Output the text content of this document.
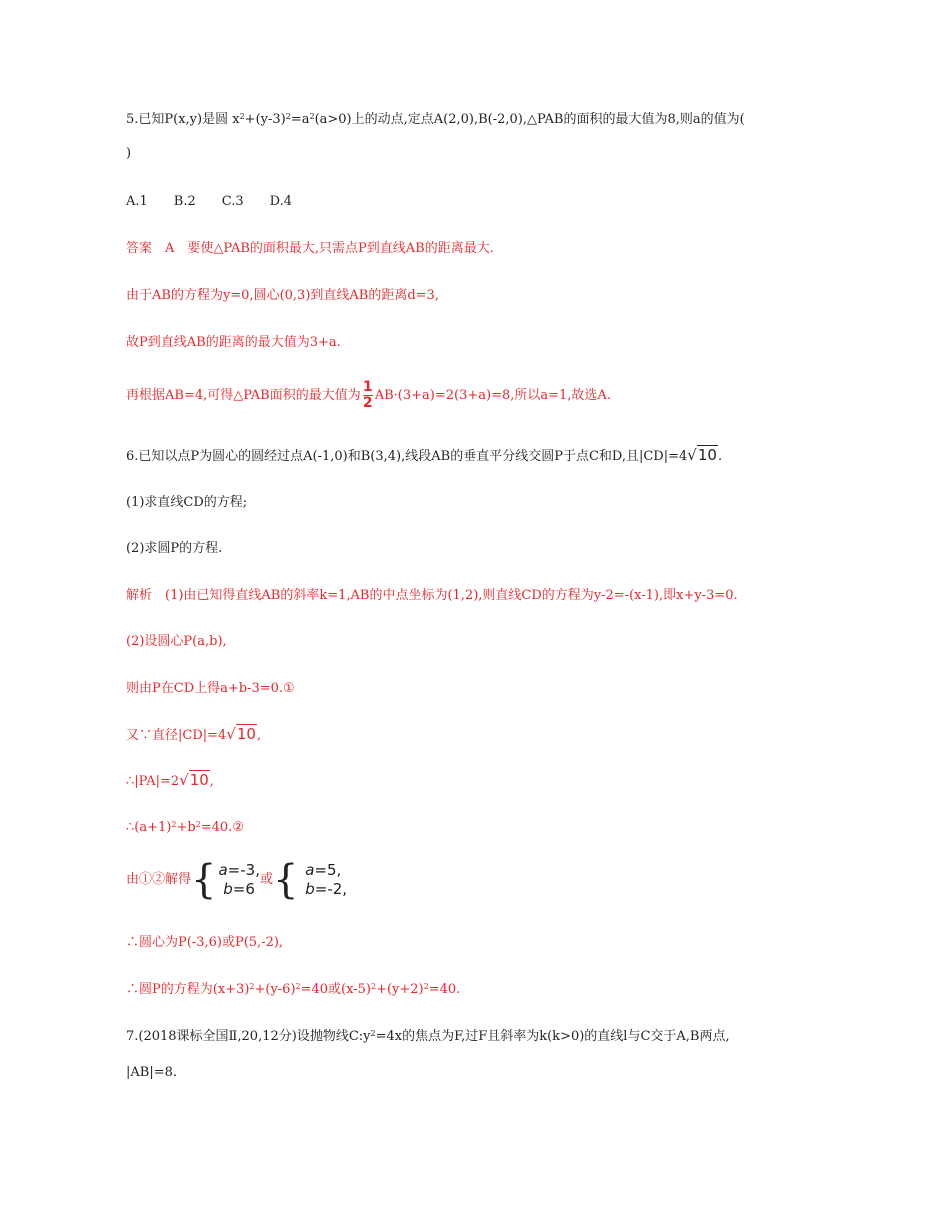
5.已知P(x,y)是圆 $x^2+(y-3)^2=a^2(a>0)$上的动点,定点A(2,0),B(-2,0),△PAB的面积的最大值为8,则a的值为(
)
A.1 B.2 C.3 D.4
答案　A　要使△PAB的面积最大,只需点P到直线AB的距离最大.
由于AB的方程为y=0,圆心(0,3)到直线AB的距离d=3,
故P到直线AB的距离的最大值为3+a.
再根据AB=4,可得△PAB面积的最大值为 $\frac{1}{2} AB\cdot(3+a)=2(3+a)=8$,所以a=1,故选A.
6.已知以点P为圆心的圆经过点A(-1,0)和B(3,4),线段AB的垂直平分线交圆P于点C和D,且|CD|=4√10.
(1)求直线CD的方程;
(2)求圆P的方程.
解析　(1)由已知得直线AB的斜率k=1,AB的中点坐标为(1,2),则直线CD的方程为y-2=-(x-1),即x+y-3=0.
(2)设圆心P(a,b),
则由P在CD上得a+b-3=0.①
又∵直径|CD|=4√10,
∴|PA|=2√10,
$\therefore(a+1)^2+b^2=40.②$
由①②解得 { a=-3,
b=6
或 { a=5,
b=-2,
∴圆心为P(-3,6)或P(5,-2),
∴圆P的方程为$(x+3)^2+(y-6)^2=40$或$(x-5)^2+(y+2)^2=40$.
7.(2018课标全国Ⅱ,20,12分)设抛物线$C:y^2=4x$的焦点为F,过F且斜率为k(k>0)的直线l与C交于A,B两点,
|AB|=8.
